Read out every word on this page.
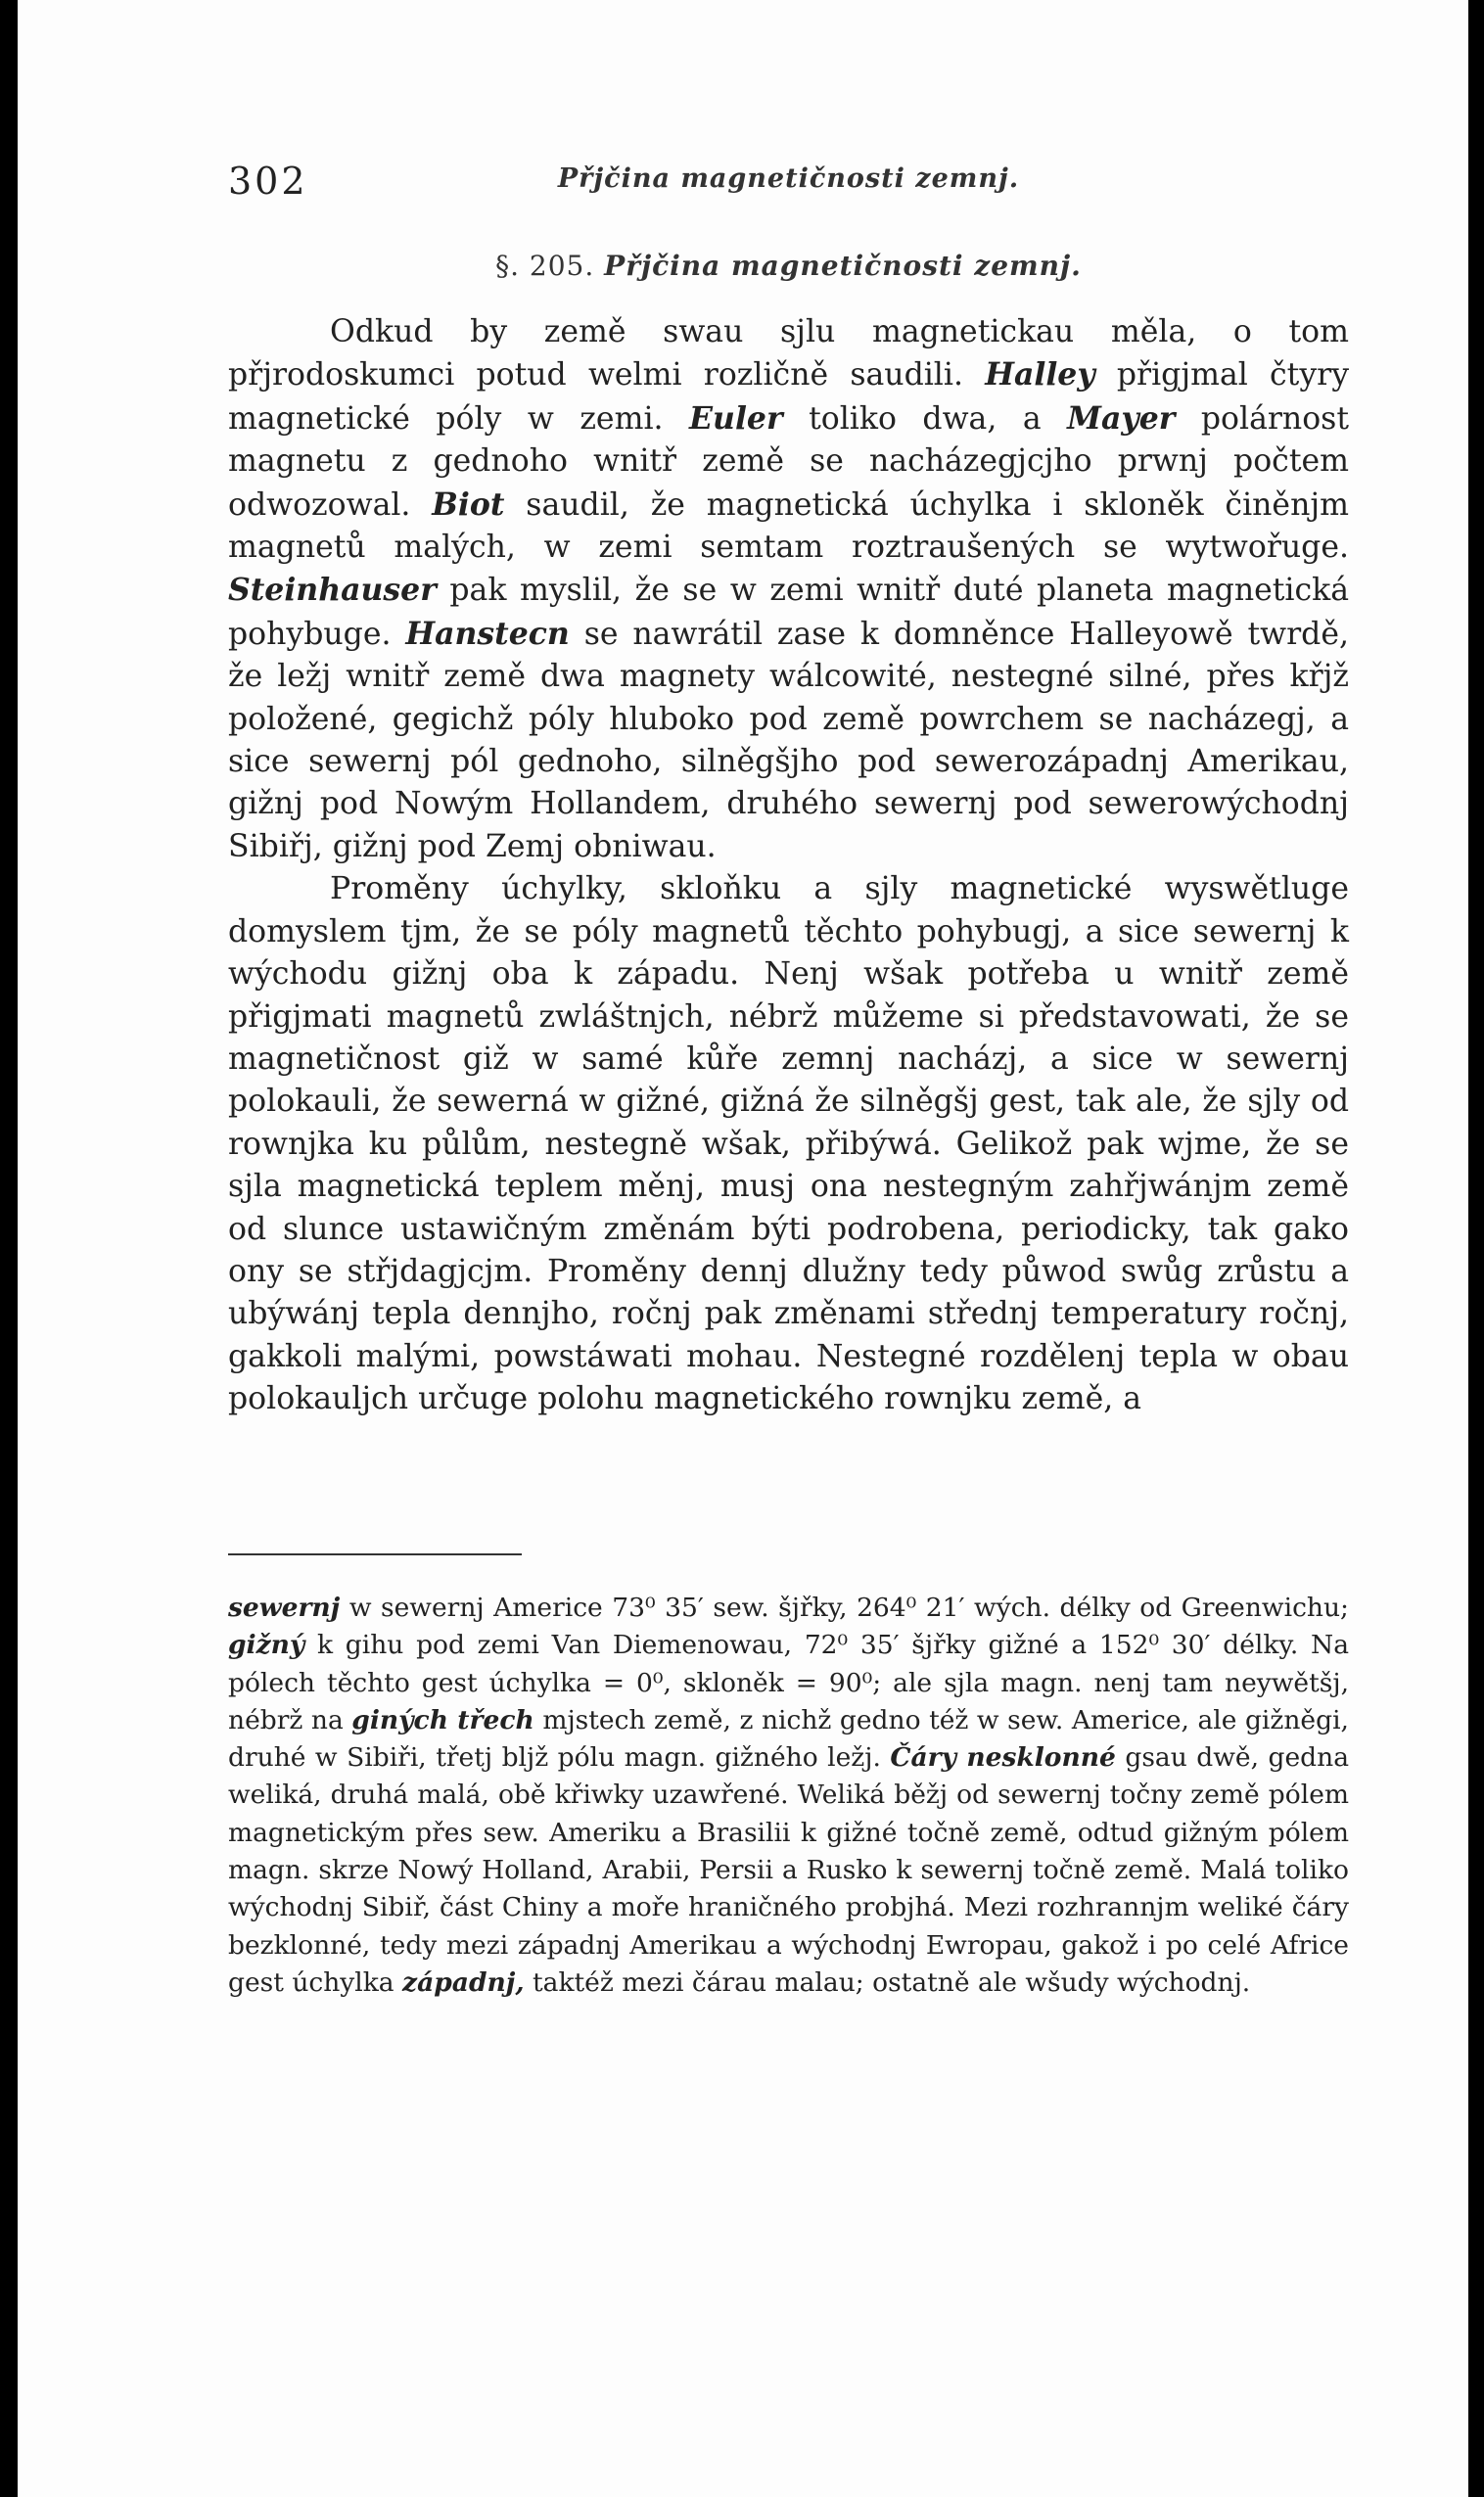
302	Přjčina magnetičnosti zemnj.
§. 205. Přjčina magnetičnosti zemnj.

Odkud by země swau sjlu magnetickau měla, o tom přjrodoskumci potud welmi rozličně saudili. Halley přigjmal čtyry magnetické póly w zemi. Euler toliko dwa, a Mayer polárnost magnetu z gednoho wnitř země se nacházegjcjho prwnj počtem odwozowal. Biot saudil, že magnetická úchylka i skloněk činěnjm magnetů malých, w zemi semtam roztraušených se wytwořuge. Steinhauser pak myslil, že se w zemi wnitř duté planeta magnetická pohybuge. Hanstecn se nawrátil zase k domněnce Halleyowě twrdě, že ležj wnitř země dwa magnety wálcowité, nestegné silné, přes křjž položené, gegichž póly hluboko pod země powrchem se nacházegj, a sice sewernj pól gednoho, silněgšjho pod sewerozápadnj Amerikau, gižnj pod Nowým Hollandem, druhého sewernj pod sewerowýchodnj Sibiřj, gižnj pod Zemj obniwau.

Proměny úchylky, skloňku a sjly magnetické wyswětluge domyslem tjm, že se póly magnetů těchto pohybugj, a sice sewernj k wýchodu gižnj oba k západu. Nenj wšak potřeba u wnitř země přigjmati magnetů zwláštnjch, nébrž můžeme si představowati, že se magnetičnost giž w samé kůře zemnj nacházj, a sice w sewernj polokauli, že sewerná w gižné, gižná že silněgšj gest, tak ale, že sjly od rownjka ku půlům, nestegně wšak, přibýwá. Gelikož pak wjme, že se sjla magnetická teplem měnj, musj ona nestegným zahřjwánjm země od slunce ustawičným změnám býti podrobena, periodicky, tak gako ony se střjdagjcjm. Proměny dennj dlužny tedy půwod swůg zrůstu a ubýwánj tepla dennjho, ročnj pak změnami střednj temperatury ročnj, gakkoli malými, powstáwati mohau. Nestegné rozdělenj tepla w obau polokauljch určuge polohu magnetického rownjku země, a

sewernj w sewernj Americe 73⁰ 35′ sew. šjřky, 264⁰ 21′ wých. délky od Greenwichu; gižný k gihu pod zemi Van Diemenowau, 72⁰ 35′ šjřky gižné a 152⁰ 30′ délky. Na pólech těchto gest úchylka = 0⁰, skloněk = 90⁰; ale sjla magn. nenj tam neywětšj, nébrž na giných třech mjstech země, z nichž gedno též w sew. Americe, ale gižněgi, druhé w Sibiři, třetj bljž pólu magn. gižného ležj. Čáry nesklonné gsau dwě, gedna weliká, druhá malá, obě křiwky uzawřené. Weliká běžj od sewernj točny země pólem magnetickým přes sew. Ameriku a Brasilii k gižné točně země, odtud gižným pólem magn. skrze Nowý Holland, Arabii, Persii a Rusko k sewernj točně země. Malá toliko wýchodnj Sibiř, část Chiny a moře hraničného probjhá. Mezi rozhrannjm weliké čáry bezklonné, tedy mezi západnj Amerikau a wýchodnj Ewropau, gakož i po celé Africe gest úchylka západnj, taktéž mezi čárau malau; ostatně ale wšudy wýchodnj.
